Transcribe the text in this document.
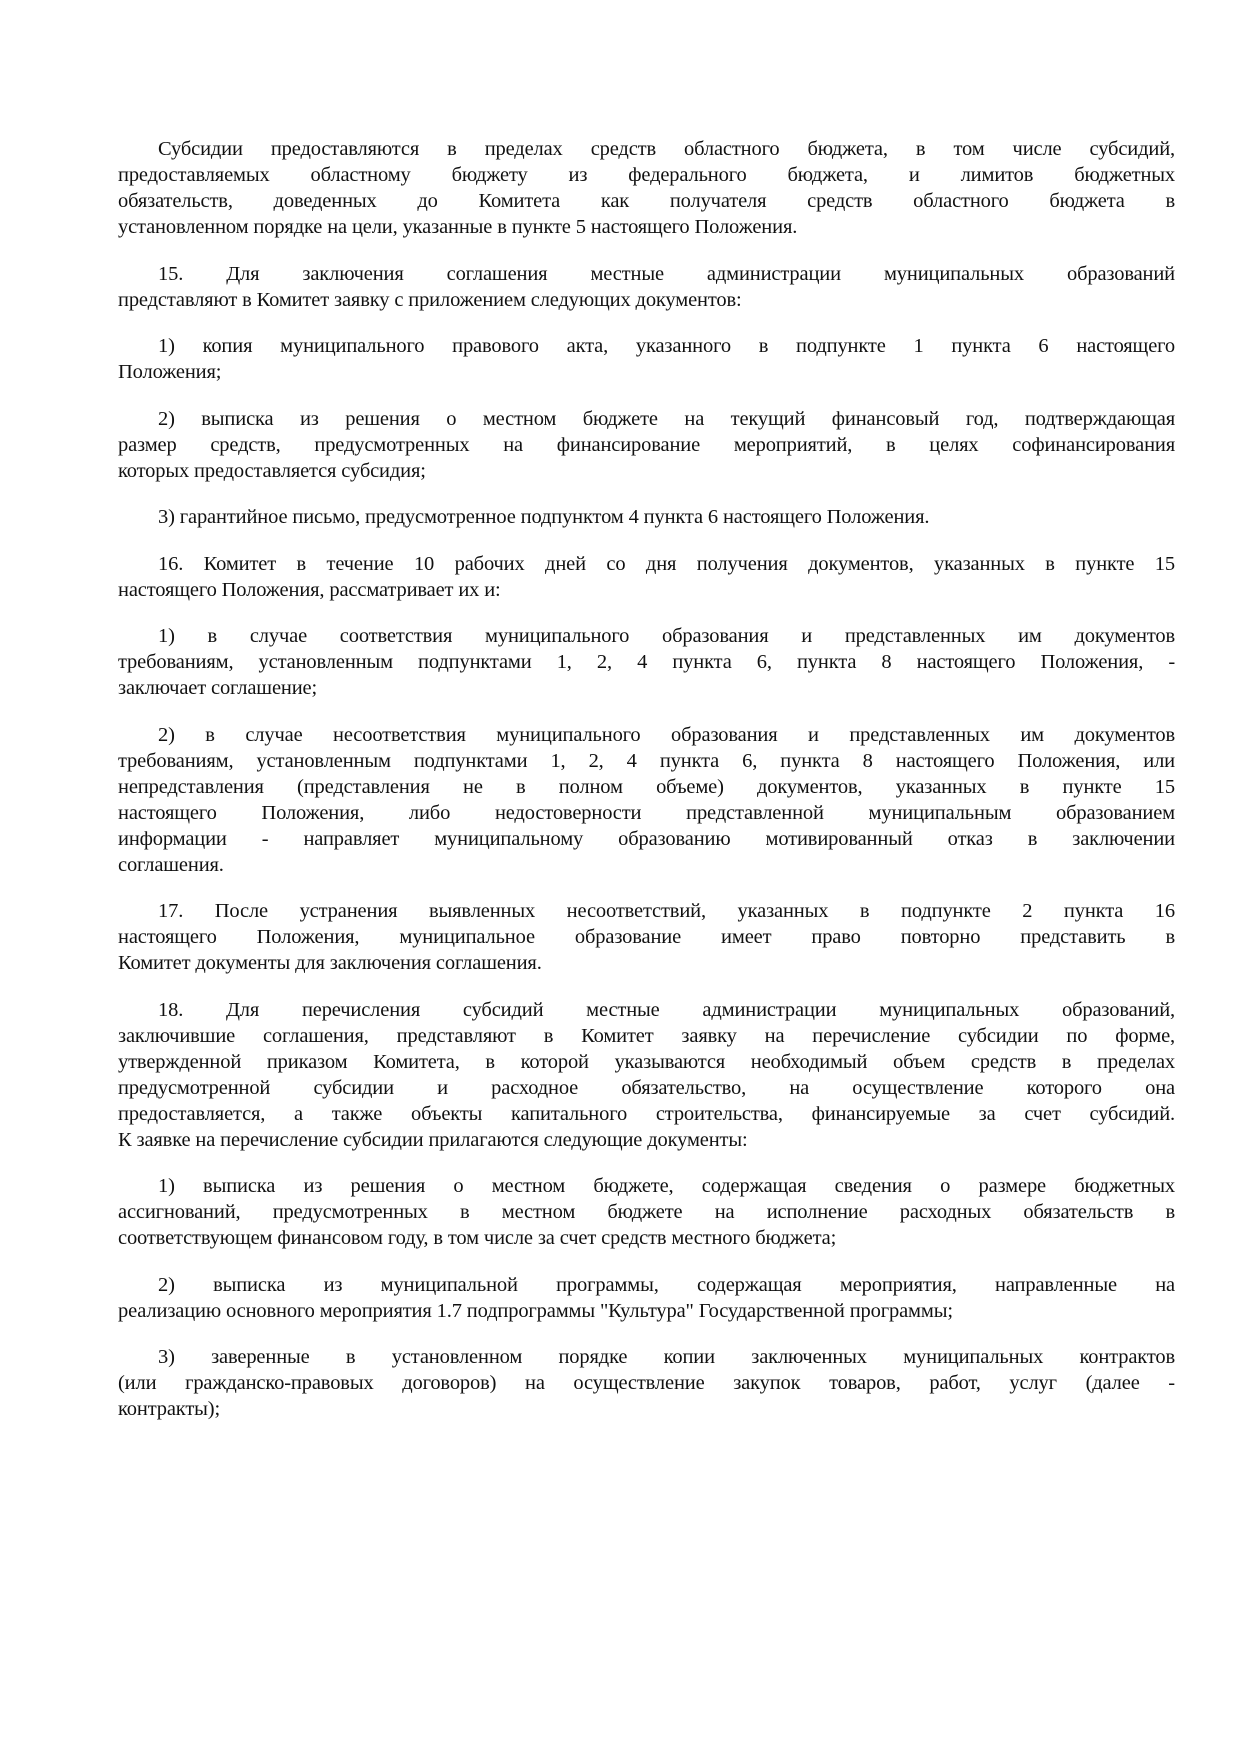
Субсидии предоставляются в пределах средств областного бюджета, в том числе субсидий,
предоставляемых областному бюджету из федерального бюджета, и лимитов бюджетных
обязательств, доведенных до Комитета как получателя средств областного бюджета в
установленном порядке на цели, указанные в пункте 5 настоящего Положения.
15. Для заключения соглашения местные администрации муниципальных образований
представляют в Комитет заявку с приложением следующих документов:
1) копия муниципального правового акта, указанного в подпункте 1 пункта 6 настоящего
Положения;
2) выписка из решения о местном бюджете на текущий финансовый год, подтверждающая
размер средств, предусмотренных на финансирование мероприятий, в целях софинансирования
которых предоставляется субсидия;
3) гарантийное письмо, предусмотренное подпунктом 4 пункта 6 настоящего Положения.
16. Комитет в течение 10 рабочих дней со дня получения документов, указанных в пункте 15
настоящего Положения, рассматривает их и:
1) в случае соответствия муниципального образования и представленных им документов
требованиям, установленным подпунктами 1, 2, 4 пункта 6, пункта 8 настоящего Положения, -
заключает соглашение;
2) в случае несоответствия муниципального образования и представленных им документов
требованиям, установленным подпунктами 1, 2, 4 пункта 6, пункта 8 настоящего Положения, или
непредставления (представления не в полном объеме) документов, указанных в пункте 15
настоящего Положения, либо недостоверности представленной муниципальным образованием
информации - направляет муниципальному образованию мотивированный отказ в заключении
соглашения.
17. После устранения выявленных несоответствий, указанных в подпункте 2 пункта 16
настоящего Положения, муниципальное образование имеет право повторно представить в
Комитет документы для заключения соглашения.
18. Для перечисления субсидий местные администрации муниципальных образований,
заключившие соглашения, представляют в Комитет заявку на перечисление субсидии по форме,
утвержденной приказом Комитета, в которой указываются необходимый объем средств в пределах
предусмотренной субсидии и расходное обязательство, на осуществление которого она
предоставляется, а также объекты капитального строительства, финансируемые за счет субсидий.
К заявке на перечисление субсидии прилагаются следующие документы:
1) выписка из решения о местном бюджете, содержащая сведения о размере бюджетных
ассигнований, предусмотренных в местном бюджете на исполнение расходных обязательств в
соответствующем финансовом году, в том числе за счет средств местного бюджета;
2) выписка из муниципальной программы, содержащая мероприятия, направленные на
реализацию основного мероприятия 1.7 подпрограммы "Культура" Государственной программы;
3) заверенные в установленном порядке копии заключенных муниципальных контрактов
(или гражданско-правовых договоров) на осуществление закупок товаров, работ, услуг (далее -
контракты);
